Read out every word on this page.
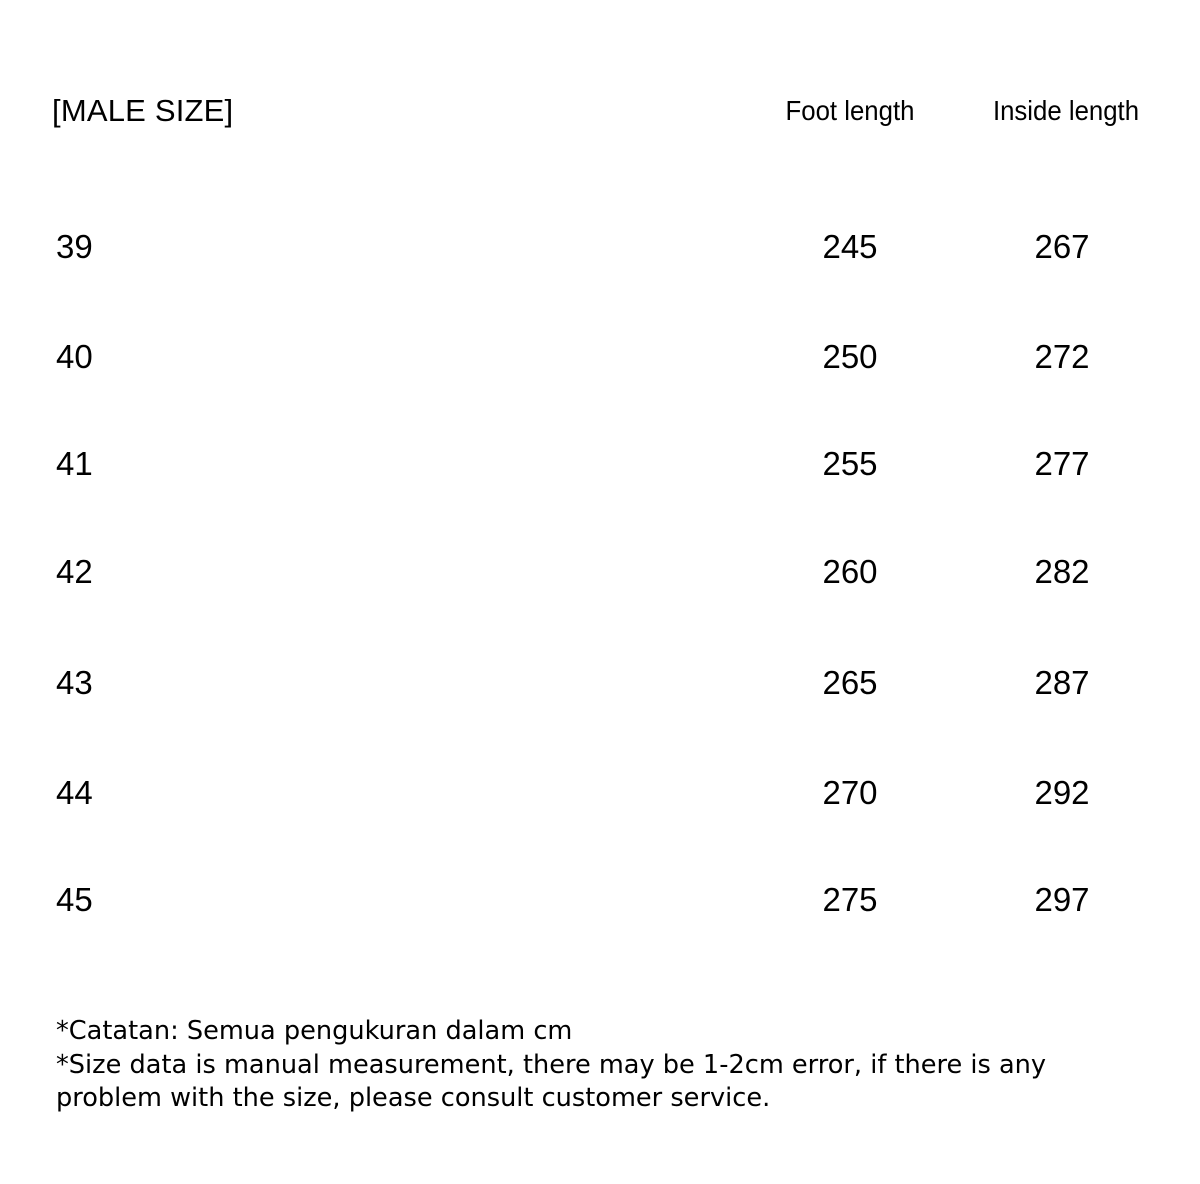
[MALE SIZE]	Foot length	Inside length
39	245	267
40	250	272
41	255	277
42	260	282
43	265	287
44	270	292
45	275	297

*Catatan: Semua pengukuran dalam cm

*Size data is manual measurement, there may be 1-2cm error, if there is any problem with the size, please consult customer service.
